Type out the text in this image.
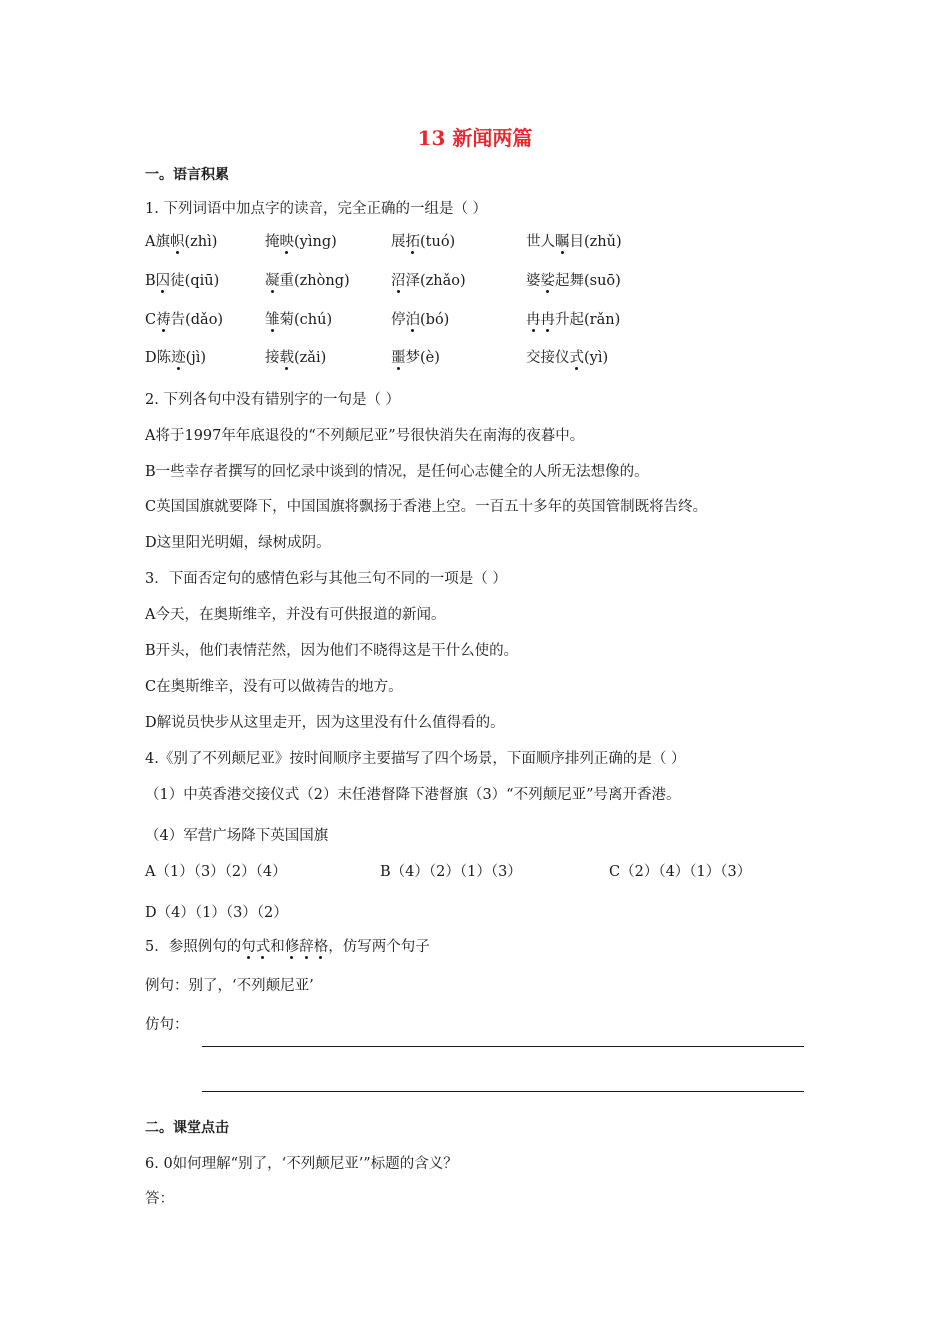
13 新闻两篇
一。语言积累
1. 下列词语中加点字的读音，完全正确的一组是（ ）
A旗帜(zhì)	掩映(yìng)	展拓(tuó)	世人瞩目(zhǔ)
B囚徒(qiū)	凝重(zhòng)	沼泽(zhǎo)	婆娑起舞(suō)
C祷告(dǎo)	雏菊(chú)	停泊(bó)	冉冉升起(rǎn)
D陈迹(jì)	接载(zǎi)	噩梦(è)	交接仪式(yì)
2. 下列各句中没有错别字的一句是（ ）
A将于1997年年底退役的“不列颠尼亚”号很快消失在南海的夜暮中。
B一些幸存者撰写的回忆录中谈到的情况，是任何心志健全的人所无法想像的。
C英国国旗就要降下，中国国旗将飘扬于香港上空。一百五十多年的英国管制既将告终。
D这里阳光明媚，绿树成阴。
3．下面否定句的感情色彩与其他三句不同的一项是（ ）
A今天，在奥斯维辛，并没有可供报道的新闻。
B开头，他们表情茫然，因为他们不晓得这是干什么使的。
C在奥斯维辛，没有可以做祷告的地方。
D解说员快步从这里走开，因为这里没有什么值得看的。
4.《别了不列颠尼亚》按时间顺序主要描写了四个场景，下面顺序排列正确的是（ ）
（1）中英香港交接仪式（2）末任港督降下港督旗（3）“不列颠尼亚”号离开香港。
（4）军营广场降下英国国旗
A（1）（3）（2）（4）	B（4）（2）（1）（3）	C（2）（4）（1）（3）
D（4）（1）（3）（2）
5．参照例句的句式和修辞格，仿写两个句子
例句：别了，‘不列颠尼亚’
仿句：
二。课堂点击
6. 0如何理解“别了，‘不列颠尼亚’”标题的含义？
答：
